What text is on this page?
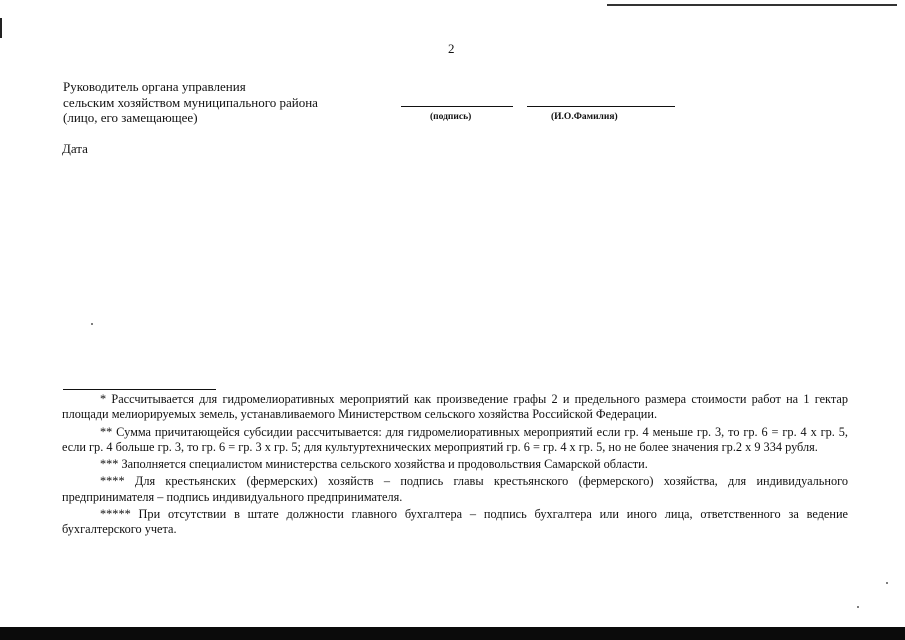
2
Руководитель органа управления
сельским хозяйством муниципального района
(лицо, его замещающее)	(подпись)	(И.О.Фамилия)
Дата

* Рассчитывается для гидромелиоративных мероприятий как произведение графы 2 и предельного размера стоимости работ на 1 гектар площади мелиорируемых земель, устанавливаемого Министерством сельского хозяйства Российской Федерации.

** Сумма причитающейся субсидии рассчитывается: для гидромелиоративных мероприятий если гр. 4 меньше гр. 3, то гр. 6 = гр. 4 х гр. 5, если гр. 4 больше гр. 3, то гр. 6 = гр. 3 х гр. 5; для культуртехнических мероприятий гр. 6 = гр. 4 х гр. 5, но не более значения гр.2 х 9 334 рубля.

*** Заполняется специалистом министерства сельского хозяйства и продовольствия Самарской области.

**** Для крестьянских (фермерских) хозяйств – подпись главы крестьянского (фермерского) хозяйства, для индивидуального предпринимателя – подпись индивидуального предпринимателя.

***** При отсутствии в штате должности главного бухгалтера – подпись бухгалтера или иного лица, ответственного за ведение бухгалтерского учета.
